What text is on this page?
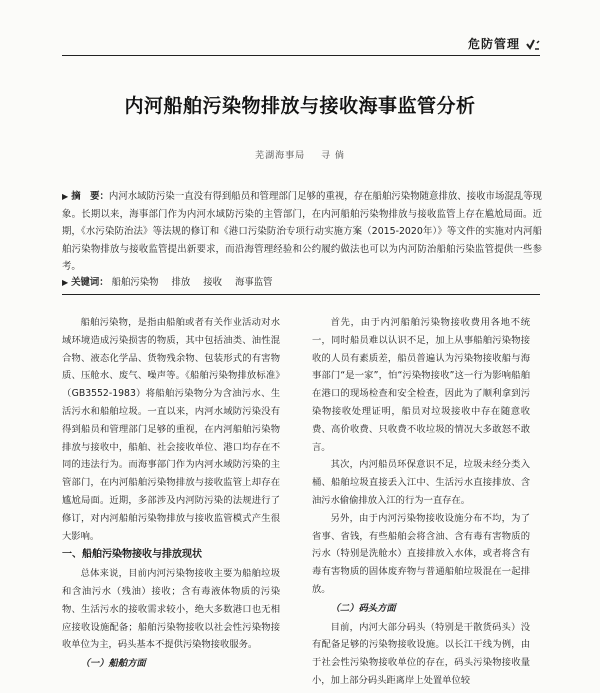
危防管理
内河船舶污染物排放与接收海事监管分析
芜湖海事局 寻 倘
▶ 摘　要：内河水域防污染一直没有得到船员和管理部门足够的重视，存在船舶污染物随意排放、接收市场混乱等现象。长期以来，海事部门作为内河水域防污染的主管部门，在内河船舶污染物排放与接收监管上存在尴尬局面。近期，《水污染防治法》等法规的修订和《港口污染防治专项行动实施方案（2015-2020年）》等文件的实施对内河船舶污染物排放与接收监管提出新要求，而沿海管理经验和公约履约做法也可以为内河防治船舶污染监管提供一些参考。
▶ 关键词： 船舶污染物 排放 接收 海事监管

船舶污染物，是指由船舶或者有关作业活动对水域环境造成污染损害的物质，其中包括油类、油性混合物、液态化学品、货物残余物、包装形式的有害物质、压舱水、废气、噪声等。《船舶污染物排放标准》（GB3552-1983）将船舶污染物分为含油污水、生活污水和船舶垃圾。一直以来，内河水域防污染没有得到船员和管理部门足够的重视，在内河船舶污染物排放与接收中，船舶、社会接收单位、港口均存在不同的违法行为。而海事部门作为内河水域防污染的主管部门，在内河船舶污染物排放与接收监管上却存在尴尬局面。近期，多部涉及内河防污染的法规进行了修订，对内河船舶污染物排放与接收监管模式产生很大影响。

一、船舶污染物接收与排放现状

总体来说，目前内河污染物接收主要为船舶垃圾和含油污水（残油）接收；含有毒液体物质的污染物、生活污水的接收需求较小，绝大多数港口也无相应接收设施配备；船舶污染物接收以社会性污染物接收单位为主，码头基本不提供污染物接收服务。

（一）船舶方面

首先，由于内河船舶污染物接收费用各地不统一，同时船员难以认识不足，加上从事船舶污染物接收的人员有素质差，船员普遍认为污染物接收船与海事部门“是一家”，怕“污染物接收”这一行为影响船舶在港口的现场检查和安全检查，因此为了顺利拿到污染物接收处理证明，船员对垃圾接收中存在随意收费、高价收费、只收费不收垃圾的情况大多敢怒不敢言。

其次，内河船员环保意识不足，垃圾未经分类入桶、船舶垃圾直接丢入江中、生活污水直接排放、含油污水偷偷排放入江的行为一直存在。

另外，由于内河污染物接收设施分布不均，为了省事、省钱，有些船舶会将含油、含有毒有害物质的污水（特别是洗舱水）直接排放入水体，或者将含有毒有害物质的固体废弃物与普通船舶垃圾混在一起排放。

（二）码头方面

目前，内河大部分码头（特别是干散货码头）没有配备足够的污染物接收设施。以长江干线为例，由于社会性污染物接收单位的存在，码头污染物接收量小，加上部分码头距离岸上处置单位较
